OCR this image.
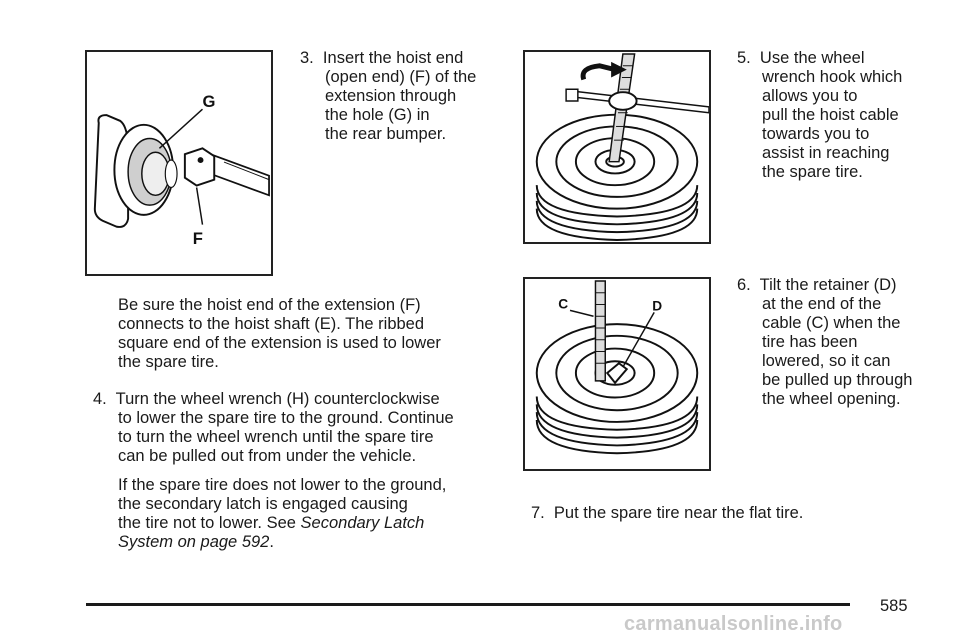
G
F
3.  Insert the hoist end
(open end) (F) of the
extension through
the hole (G) in
the rear bumper.
Be sure the hoist end of the extension (F)
connects to the hoist shaft (E). The ribbed
square end of the extension is used to lower
the spare tire.
4.  Turn the wheel wrench (H) counterclockwise
to lower the spare tire to the ground. Continue
to turn the wheel wrench until the spare tire
can be pulled out from under the vehicle.
If the spare tire does not lower to the ground,
the secondary latch is engaged causing
the tire not to lower. See Secondary Latch
System on page 592.
5.  Use the wheel
wrench hook which
allows you to
pull the hoist cable
towards you to
assist in reaching
the spare tire.
C	D
6.  Tilt the retainer (D)
at the end of the
cable (C) when the
tire has been
lowered, so it can
be pulled up through
the wheel opening.
7.  Put the spare tire near the flat tire.
585
carmanualsonline.info
